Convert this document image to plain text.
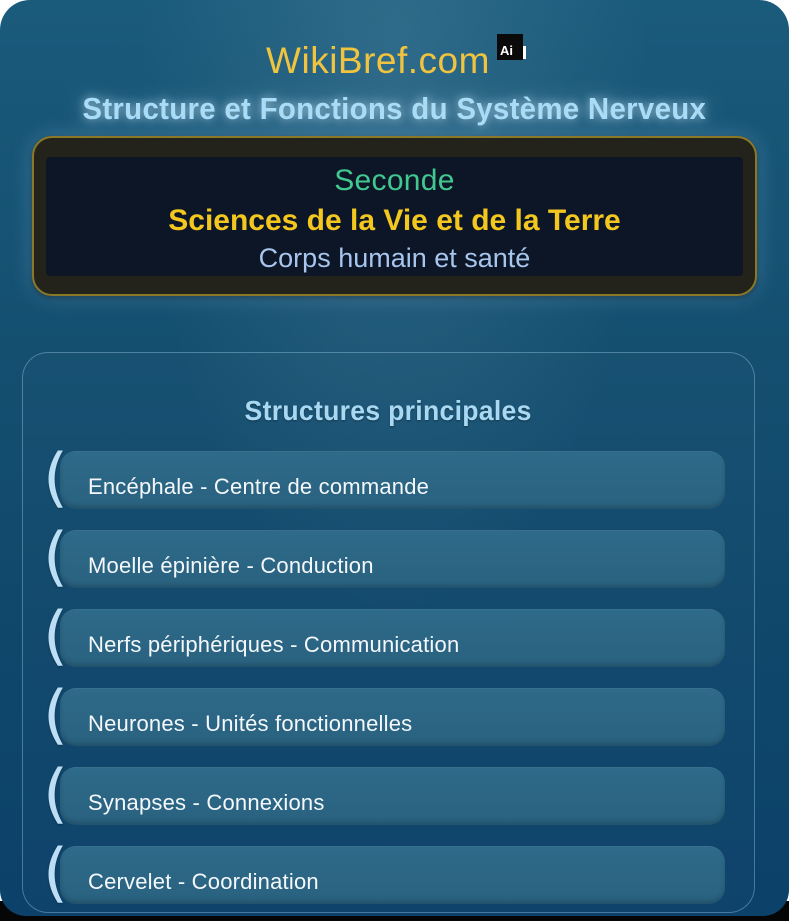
WikiBref.com Ai
Structure et Fonctions du Système Nerveux
Seconde
Sciences de la Vie et de la Terre
Corps humain et santé
Structures principales
( Encéphale - Centre de commande
( Moelle épinière - Conduction
( Nerfs périphériques - Communication
( Neurones - Unités fonctionnelles
( Synapses - Connexions
( Cervelet - Coordination
